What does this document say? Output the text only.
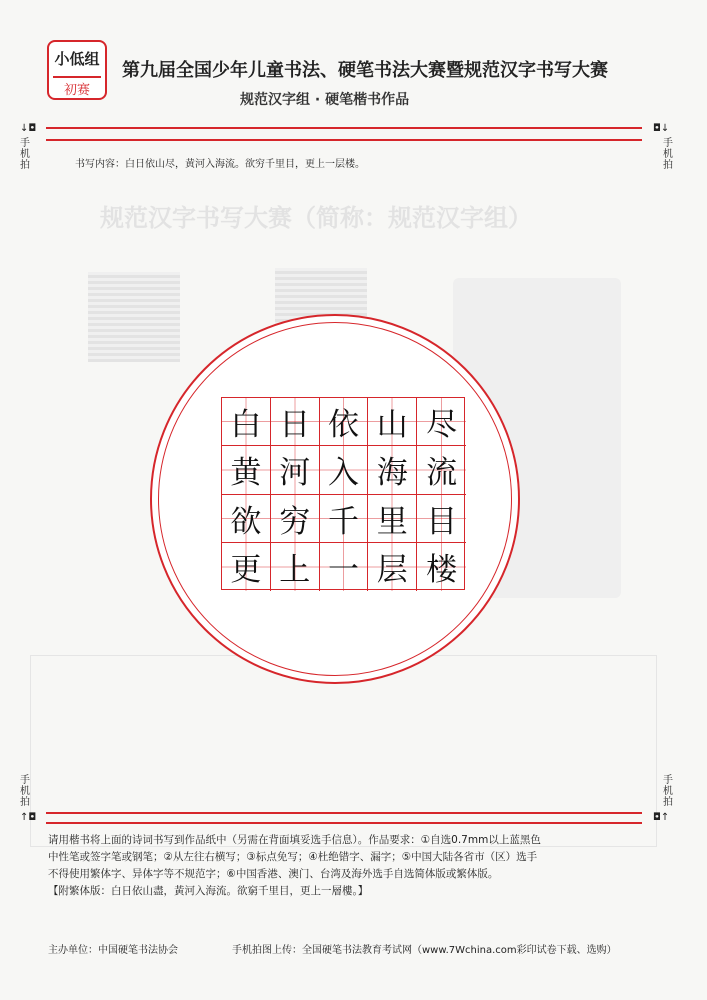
规范汉字书写大赛（简称：规范汉字组）
小低组
初赛
第九届全国少年儿童书法、硬笔书法大赛暨规范汉字书写大赛
规范汉字组 · 硬笔楷书作品
↓◘	◘↓
手机拍
手机拍
书写内容：白日依山尽，黄河入海流。欲穷千里目，更上一层楼。
白 日 依 山 尽
黄 河 入 海 流
欲 穷 千 里 目
更 上 一 层 楼
手机拍
手机拍
↑◘	◘↑
请用楷书将上面的诗词书写到作品纸中（另需在背面填妥选手信息）。作品要求：①自选0.7mm以上蓝黑色
中性笔或签字笔或钢笔；②从左往右横写；③标点免写；④杜绝错字、漏字；⑤中国大陆各省市（区）选手
不得使用繁体字、异体字等不规范字；⑥中国香港、澳门、台湾及海外选手自选简体版或繁体版。
【附繁体版：白日依山盡，黃河入海流。欲窮千里目，更上一層樓。】
主办单位：中国硬笔书法协会	手机拍图上传：全国硬笔书法教育考试网（www.7Wchina.com彩印试卷下载、选购）
